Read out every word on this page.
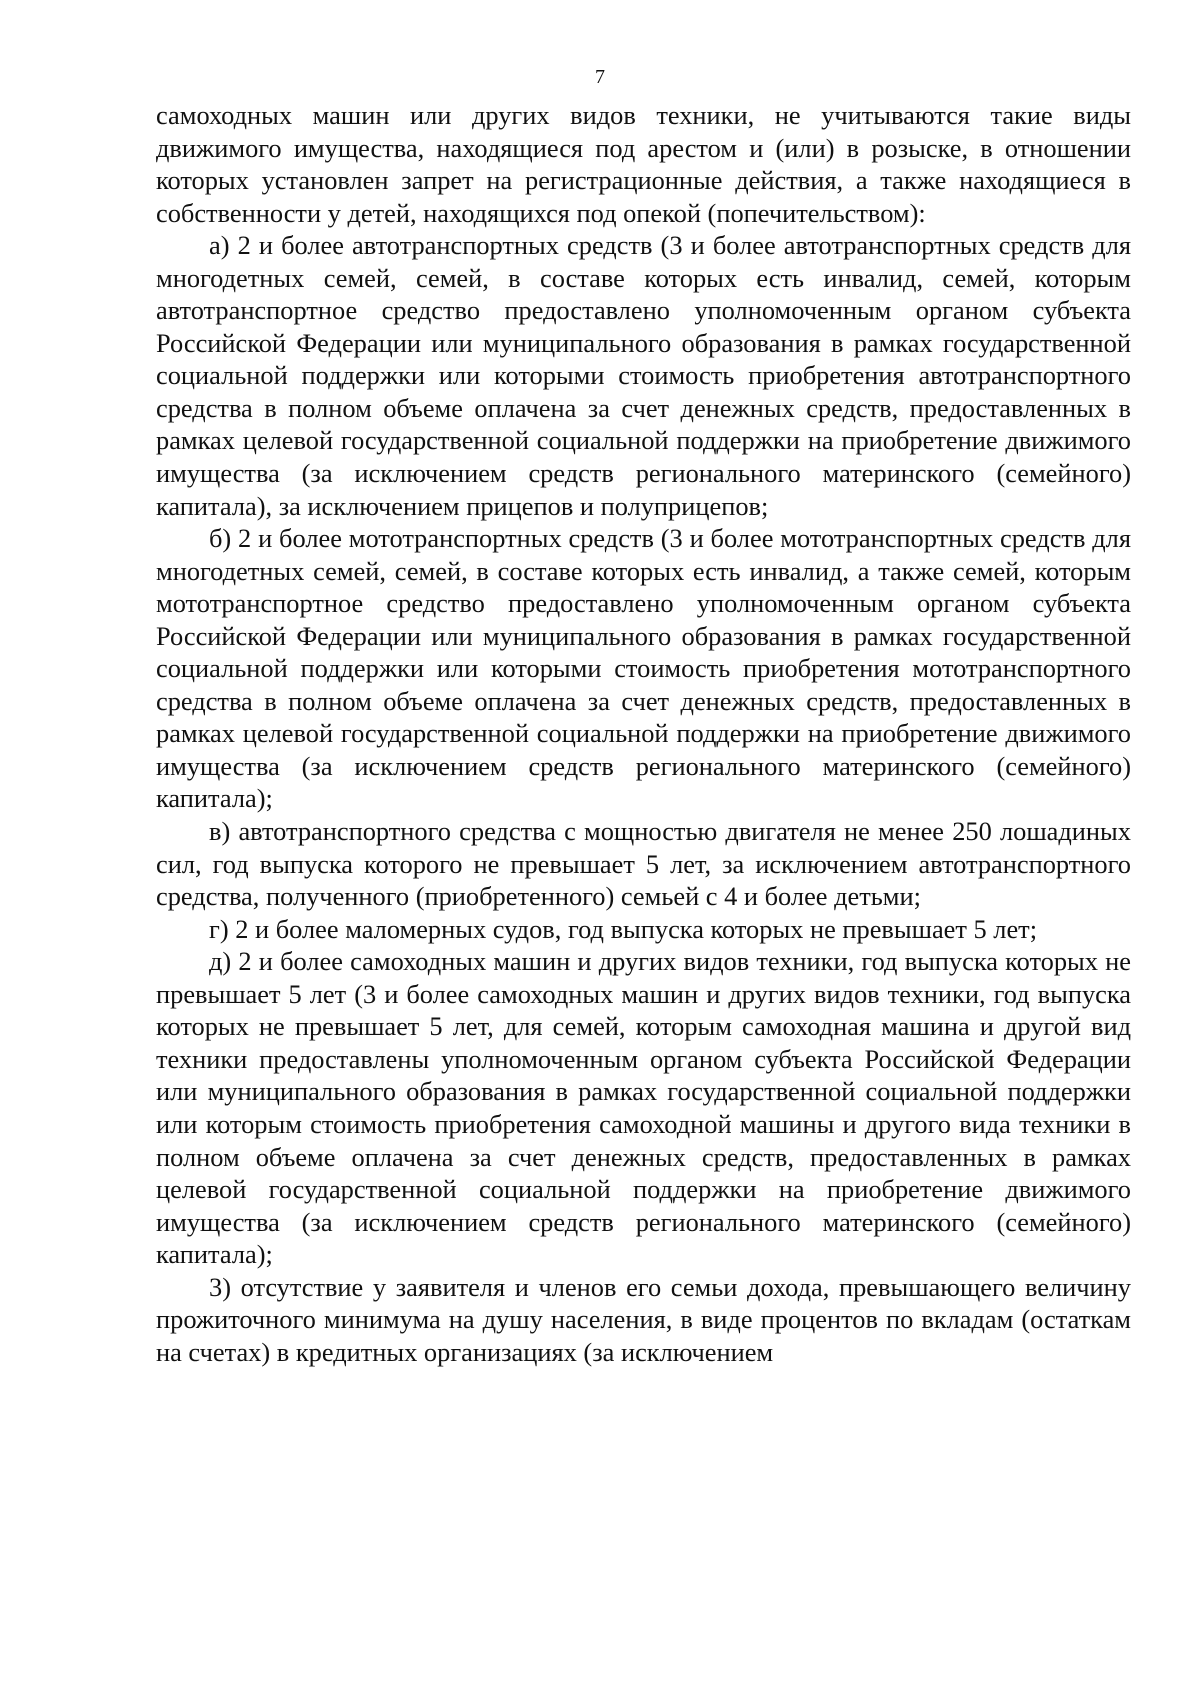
7

самоходных машин или других видов техники, не учитываются такие виды движимого имущества, находящиеся под арестом и (или) в розыске, в отношении которых установлен запрет на регистрационные действия, а также находящиеся в собственности у детей, находящихся под опекой (попечительством):

а) 2 и более автотранспортных средств (3 и более автотранспортных средств для многодетных семей, семей, в составе которых есть инвалид, семей, которым автотранспортное средство предоставлено уполномоченным органом субъекта Российской Федерации или муниципального образования в рамках государственной социальной поддержки или которыми стоимость приобретения автотранспортного средства в полном объеме оплачена за счет денежных средств, предоставленных в рамках целевой государственной социальной поддержки на приобретение движимого имущества (за исключением средств регионального материнского (семейного) капитала), за исключением прицепов и полуприцепов;

б) 2 и более мототранспортных средств (3 и более мототранспортных средств для многодетных семей, семей, в составе которых есть инвалид, а также семей, которым мототранспортное средство предоставлено уполномоченным органом субъекта Российской Федерации или муниципального образования в рамках государственной социальной поддержки или которыми стоимость приобретения мототранспортного средства в полном объеме оплачена за счет денежных средств, предоставленных в рамках целевой государственной социальной поддержки на приобретение движимого имущества (за исключением средств регионального материнского (семейного) капитала);

в) автотранспортного средства с мощностью двигателя не менее 250 лошадиных сил, год выпуска которого не превышает 5 лет, за исключением автотранспортного средства, полученного (приобретенного) семьей с 4 и более детьми;

г) 2 и более маломерных судов, год выпуска которых не превышает 5 лет;

д) 2 и более самоходных машин и других видов техники, год выпуска которых не превышает 5 лет (3 и более самоходных машин и других видов техники, год выпуска которых не превышает 5 лет, для семей, которым самоходная машина и другой вид техники предоставлены уполномоченным органом субъекта Российской Федерации или муниципального образования в рамках государственной социальной поддержки или которым стоимость приобретения самоходной машины и другого вида техники в полном объеме оплачена за счет денежных средств, предоставленных в рамках целевой государственной социальной поддержки на приобретение движимого имущества (за исключением средств регионального материнского (семейного) капитала);

3) отсутствие у заявителя и членов его семьи дохода, превышающего величину прожиточного минимума на душу населения, в виде процентов по вкладам (остаткам на счетах) в кредитных организациях (за исключением
